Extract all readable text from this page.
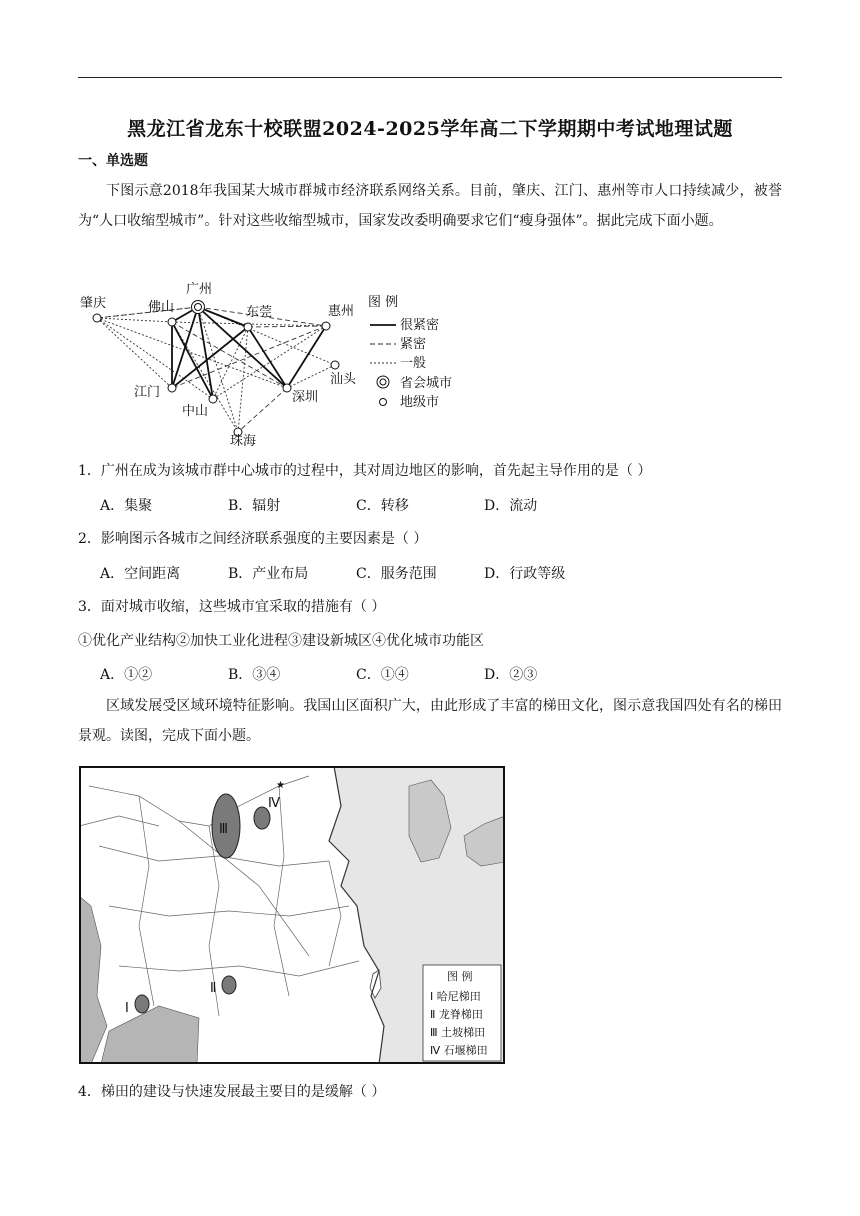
黑龙江省龙东十校联盟2024-2025学年高二下学期期中考试地理试题
一、单选题
下图示意2018年我国某大城市群城市经济联系网络关系。目前，肇庆、江门、惠州等市人口持续减少，被誉为“人口收缩型城市”。针对这些收缩型城市，国家发改委明确要求它们“瘦身强体”。据此完成下面小题。
肇庆	佛山
广州
东莞	惠州
汕头
江门
中山
深圳
珠海
图 例
很紧密
紧密
一般
省会城市
地级市
1．广州在成为该城市群中心城市的过程中，其对周边地区的影响，首先起主导作用的是（ ）
A．集聚	B．辐射	C．转移	D．流动
2．影响图示各城市之间经济联系强度的主要因素是（ ）
A．空间距离	B．产业布局	C．服务范围	D．行政等级
3．面对城市收缩，这些城市宜采取的措施有（ ）
①优化产业结构②加快工业化进程③建设新城区④优化城市功能区
A．①②	B．③④	C．①④	D．②③
区域发展受区域环境特征影响。我国山区面积广大，由此形成了丰富的梯田文化，图示意我国四处有名的梯田景观。读图，完成下面小题。
★
Ⅲ
Ⅳ
Ⅰ
Ⅱ
图 例
Ⅰ 哈尼梯田
Ⅱ 龙脊梯田
Ⅲ 土坡梯田
Ⅳ 石堰梯田
4．梯田的建设与快速发展最主要目的是缓解（ ）
